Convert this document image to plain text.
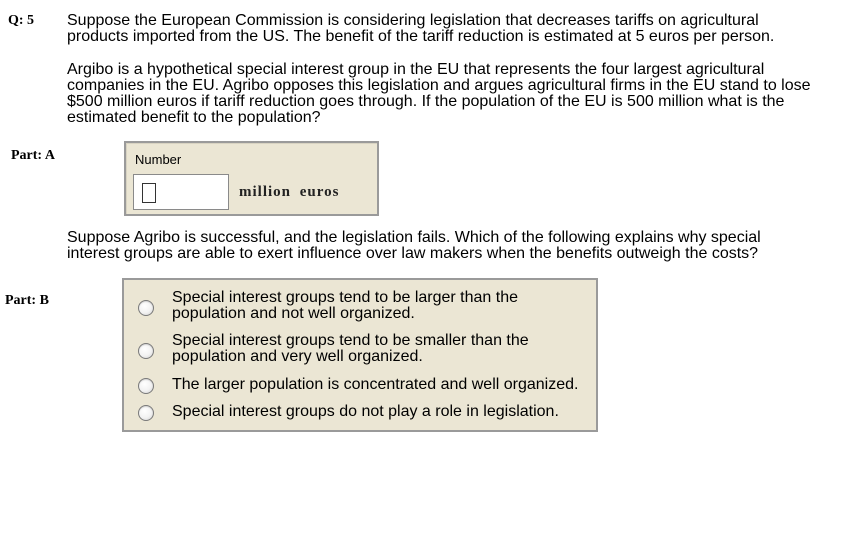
Q: 5 Suppose the European Commission is considering legislation that decreases tariffs on agricultural
products imported from the US. The benefit of the tariff reduction is estimated at 5 euros per person.
Argibo is a hypothetical special interest group in the EU that represents the four largest agricultural
companies in the EU. Agribo opposes this legislation and argues agricultural firms in the EU stand to lose
$500 million euros if tariff reduction goes through. If the population of the EU is 500 million what is the
estimated benefit to the population?
Part: A	Number
million euros
Suppose Agribo is successful, and the legislation fails. Which of the following explains why special
interest groups are able to exert influence over law makers when the benefits outweigh the costs?
Part: B	Special interest groups tend to be larger than the
population and not well organized.
Special interest groups tend to be smaller than the
population and very well organized.
The larger population is concentrated and well organized.
Special interest groups do not play a role in legislation.
